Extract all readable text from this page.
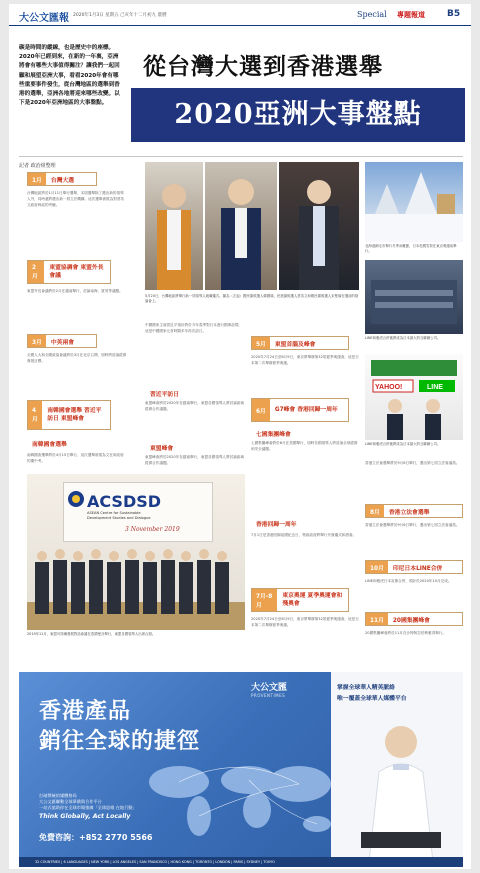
大公文匯報 2020年1月3日 星期五 己亥年十二月初九 農曆	Special 專題報道 B5
碳是時間的縱線，也是歷史中的座標。2020年已經到來，在新的一年裏，亞洲將會有哪些大事值得關注？讓我們一起回顧和展望亞洲大事，看看2020年會有哪些重要事件發生，從台灣地區的選舉到香港的選舉，亞洲各地將迎來哪些改變。以下是2020年亞洲地區的大事盤點。
從台灣大選到香港選舉
2020亞洲大事盤點
記者 政治組整理
1月	台灣大選
台灣地區將於1月11日舉行選舉，本屆選舉除了選出新的領導人外，同時還將選出新一屆立法機構。這次選舉被視為對蔡英文政府執政的考驗。
2月
東盟協調會 東盟外長會議
東盟外長會議將於2月在越南舉行，討論南海、貿易等議題。
3月	中英兩會
全國人大和全國政協會議將於3月在北京召開，屆時將討論經濟發展目標。
4月
南韓國會選舉 習近平訪日 東盟峰會
南韓國會選舉
南韓國會選舉將於4月15日舉行，這次選舉被視為文在寅政府的期中考。
5月20日，台灣地區將舉行新一屆領導人就職儀式。圖為（左起）國民黨候選人韓國瑜、民進黨候選人蔡英文和親民黨候選人宋楚瑜在選前的辯論會上。
中國國家主席習近平預計將於今年春季對日本進行國事訪問，這是中國國家元首時隔多年再次訪日。
習近平訪日
東盟峰會將於2020年在越南舉行，東盟各國領導人將討論區域經濟合作議題。
東盟峰會
東盟峰會將於2020年在越南舉行，東盟各國領導人將討論區域經濟合作議題。
5月	東盟首腦及峰會
2020年7月24日至8月9日，東京將舉辦第32屆夏季奧運會，這是日本第二次舉辦夏季奧運。
6月	G7峰會 香港回歸一周年
七國集團峰會
七國集團峰會將於6月在美國舉行，屆時各國領導人將討論全球經濟和安全議題。
香港回歸一周年
7月1日是香港回歸祖國紀念日，特區政府將舉行升旗儀式和酒會。
7月-8月
東京奧運 夏季奧運會和殘奧會
2020年7月24日至8月9日，東京將舉辦第32屆夏季奧運會，這是日本第二次舉辦夏季奧運。
北海道網走市舉行冬季冰雕節，日本札幌雪祭在東京奧運前舉行。
LINE和雅虎合併後將成為日本最大的互聯網公司。
YAHOO!	LINE
LINE和雅虎合併後將成為日本最大的互聯網公司。
香港立法會選舉將於9月6日舉行，選出第七屆立法會議員。
8月	香港立法會選舉
香港立法會選舉將於9月6日舉行，選出第七屆立法會議員。
10月	印尼日本LINE合併
LINE和雅虎日本宣佈合併，預計於2020年10月完成。
11月	20國集團峰會
20國集團峰會將於11月在沙特阿拉伯利雅得舉行。
ACSDSD
ASEAN Centre for Sustainable
Development Studies and Dialogue
3 November 2019
2019年11月，東盟可持續發展對話會議在泰國曼谷舉行，東盟各國領導人出席合照。
大公文匯
PROVENTIMES
掌握全球華人精英脈絡
唯一覆蓋全球華人媒體平台
香港產品
銷往全球的捷徑
打破傳統的媒體格局
大公文匯聯動全球華僑與合作平台
一站式協助你在全球市場推廣「全球思維 在地行動」
Think Globally, Act Locally
免費咨詢：+852 2770 5566
32 COUNTRIES | 6 LANGUAGES | NEW YORK | LOS ANGELES | SAN FRANCISCO | HONG KONG | TORONTO | LONDON | PARIS | SYDNEY | TOKYO
